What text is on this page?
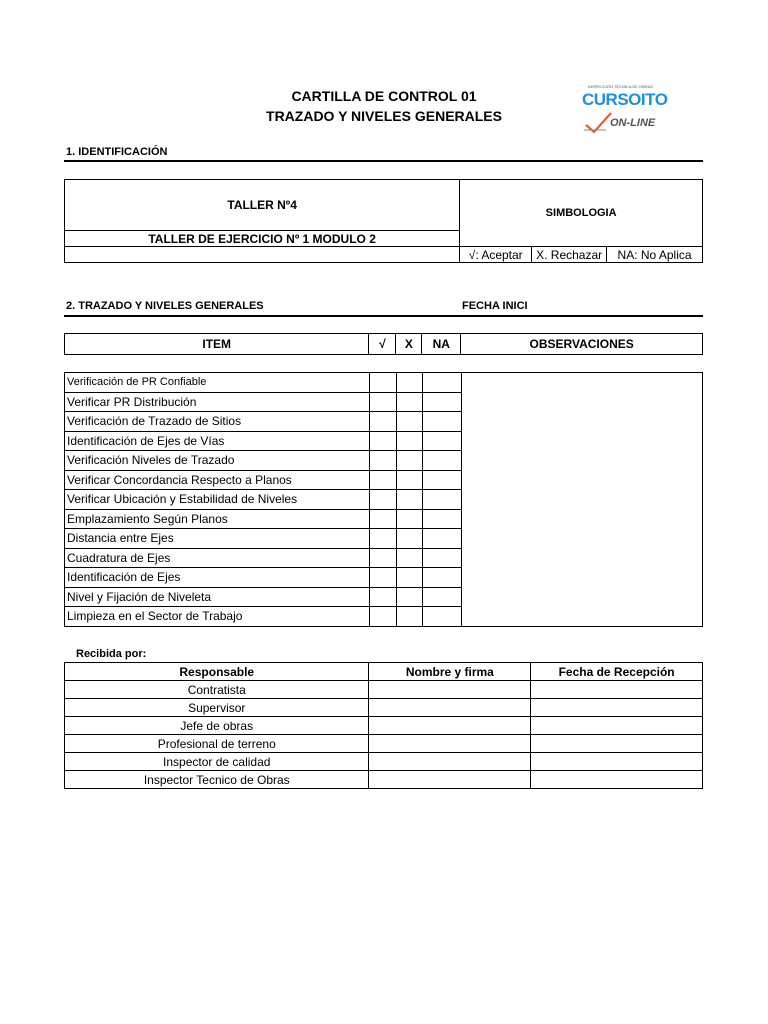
CARTILLA DE CONTROL 01
TRAZADO Y NIVELES GENERALES
INSPECCIÓN TÉCNICA DE OBRAS
CURSOITO
ON-LINE
1. IDENTIFICACIÓN
TALLER Nº4	SIMBOLOGIA		
TALLER DE EJERCICIO Nº 1 MODULO 2			
	√: Aceptar	X. Rechazar	NA: No Aplica
2. TRAZADO Y NIVELES GENERALES	FECHA INICI
ITEM	√	X	NA	OBSERVACIONES
Verificación de PR Confiable				
Verificar PR Distribución				
Verificación de Trazado de Sitios				
Identificación de Ejes de Vías				
Verificación Niveles de Trazado				
Verificar Concordancia Respecto a Planos				
Verificar Ubicación y Estabilidad de Niveles				
Emplazamiento Según Planos				
Distancia entre Ejes				
Cuadratura de Ejes				
Identificación de Ejes				
Nivel y Fijación de Niveleta				
Limpieza en el Sector de Trabajo				
Recibida por:
Responsable	Nombre y firma	Fecha de Recepción
Contratista		
Supervisor		
Jefe de obras		
Profesional de terreno		
Inspector de calidad		
Inspector Tecnico de Obras		
